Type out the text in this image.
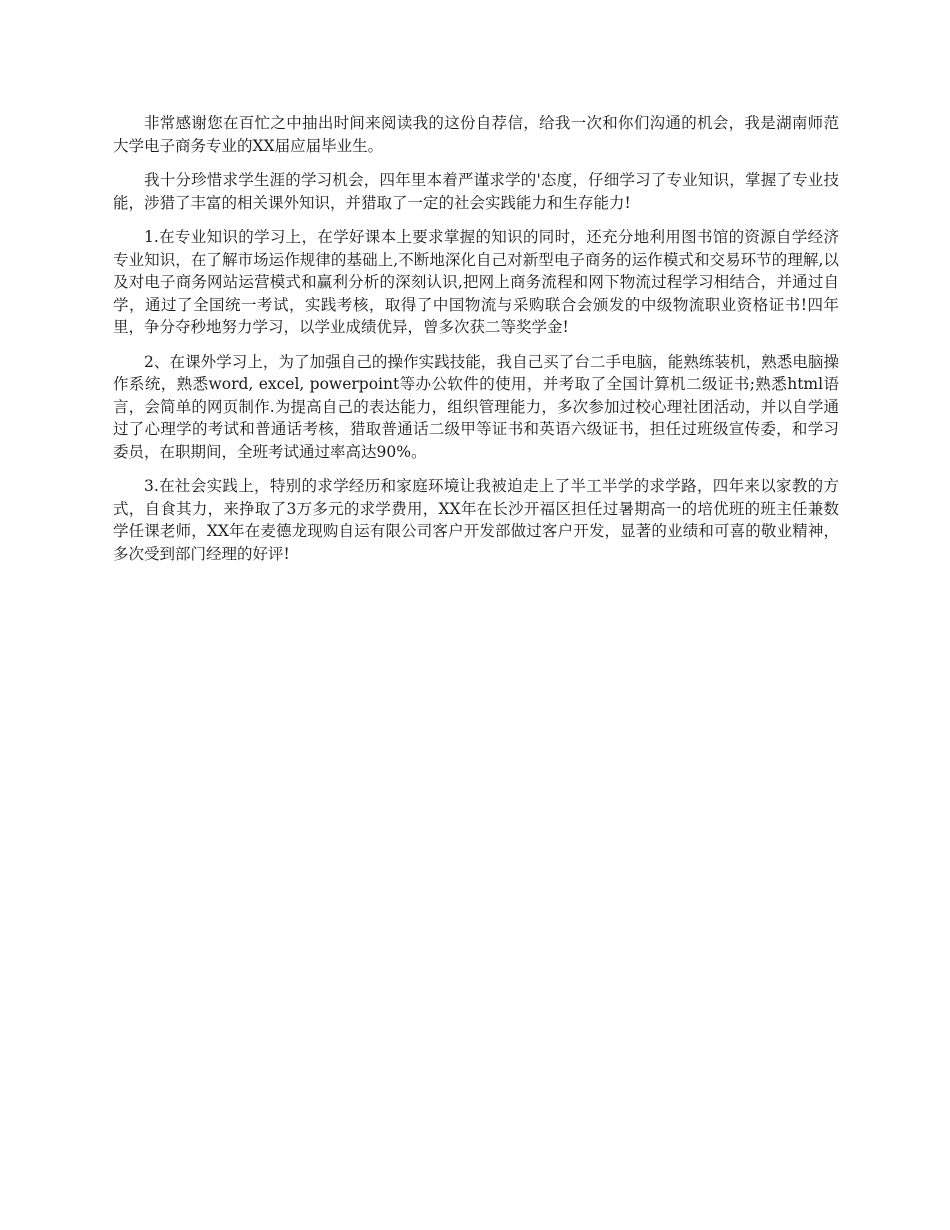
非常感谢您在百忙之中抽出时间来阅读我的这份自荐信，给我一次和你们沟通的机会，我是湖南师范大学电子商务专业的XX届应届毕业生。

我十分珍惜求学生涯的学习机会，四年里本着严谨求学的'态度，仔细学习了专业知识，掌握了专业技能，涉猎了丰富的相关课外知识，并猎取了一定的社会实践能力和生存能力!

1.在专业知识的学习上，在学好课本上要求掌握的知识的同时，还充分地利用图书馆的资源自学经济专业知识，在了解市场运作规律的基础上,不断地深化自己对新型电子商务的运作模式和交易环节的理解,以及对电子商务网站运营模式和赢利分析的深刻认识,把网上商务流程和网下物流过程学习相结合，并通过自学，通过了全国统一考试，实践考核，取得了中国物流与采购联合会颁发的中级物流职业资格证书!四年里，争分夺秒地努力学习，以学业成绩优异，曾多次获二等奖学金!

2、在课外学习上，为了加强自己的操作实践技能，我自己买了台二手电脑，能熟练装机，熟悉电脑操作系统，熟悉word, excel, powerpoint等办公软件的使用，并考取了全国计算机二级证书;熟悉html语言，会简单的网页制作.为提高自己的表达能力，组织管理能力，多次参加过校心理社团活动，并以自学通过了心理学的考试和普通话考核，猎取普通话二级甲等证书和英语六级证书，担任过班级宣传委，和学习委员，在职期间，全班考试通过率高达90%。

3.在社会实践上，特别的求学经历和家庭环境让我被迫走上了半工半学的求学路，四年来以家教的方式，自食其力，来挣取了3万多元的求学费用，XX年在长沙开福区担任过暑期高一的培优班的班主任兼数学任课老师，XX年在麦德龙现购自运有限公司客户开发部做过客户开发，显著的业绩和可喜的敬业精神，多次受到部门经理的好评!
